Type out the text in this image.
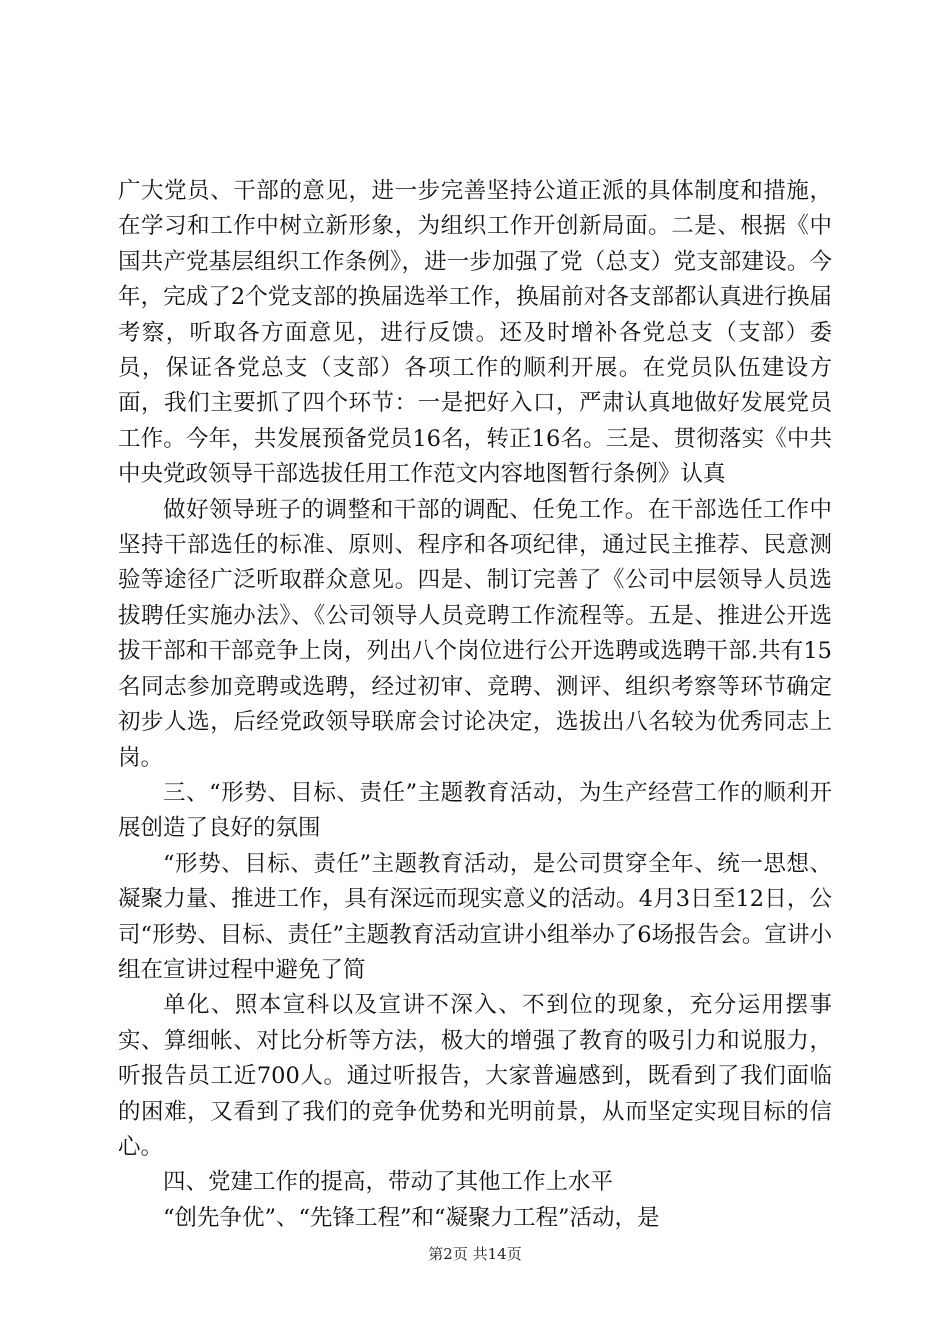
广大党员、干部的意见，进一步完善坚持公道正派的具体制度和措施，在学习和工作中树立新形象，为组织工作开创新局面。二是、根据《中国共产党基层组织工作条例》，进一步加强了党（总支）党支部建设。今年，完成了2个党支部的换届选举工作，换届前对各支部都认真进行换届考察，听取各方面意见，进行反馈。还及时增补各党总支（支部）委员，保证各党总支（支部）各项工作的顺利开展。在党员队伍建设方面，我们主要抓了四个环节：一是把好入口，严肃认真地做好发展党员工作。今年，共发展预备党员16名，转正16名。三是、贯彻落实《中共中央党政领导干部选拔任用工作范文内容地图暂行条例》认真

做好领导班子的调整和干部的调配、任免工作。在干部选任工作中坚持干部选任的标准、原则、程序和各项纪律，通过民主推荐、民意测验等途径广泛听取群众意见。四是、制订完善了《公司中层领导人员选拔聘任实施办法》、《公司领导人员竞聘工作流程等。五是、推进公开选拔干部和干部竞争上岗，列出八个岗位进行公开选聘或选聘干部.共有15名同志参加竞聘或选聘，经过初审、竞聘、测评、组织考察等环节确定初步人选，后经党政领导联席会讨论决定，选拔出八名较为优秀同志上岗。

三、“形势、目标、责任”主题教育活动，为生产经营工作的顺利开展创造了良好的氛围

“形势、目标、责任”主题教育活动，是公司贯穿全年、统一思想、凝聚力量、推进工作，具有深远而现实意义的活动。4月3日至12日，公司“形势、目标、责任”主题教育活动宣讲小组举办了6场报告会。宣讲小组在宣讲过程中避免了简

单化、照本宣科以及宣讲不深入、不到位的现象，充分运用摆事实、算细帐、对比分析等方法，极大的增强了教育的吸引力和说服力，听报告员工近700人。通过听报告，大家普遍感到，既看到了我们面临的困难，又看到了我们的竞争优势和光明前景，从而坚定实现目标的信心。

四、党建工作的提高，带动了其他工作上水平

“创先争优”、“先锋工程”和“凝聚力工程”活动，是

第2页 共14页
